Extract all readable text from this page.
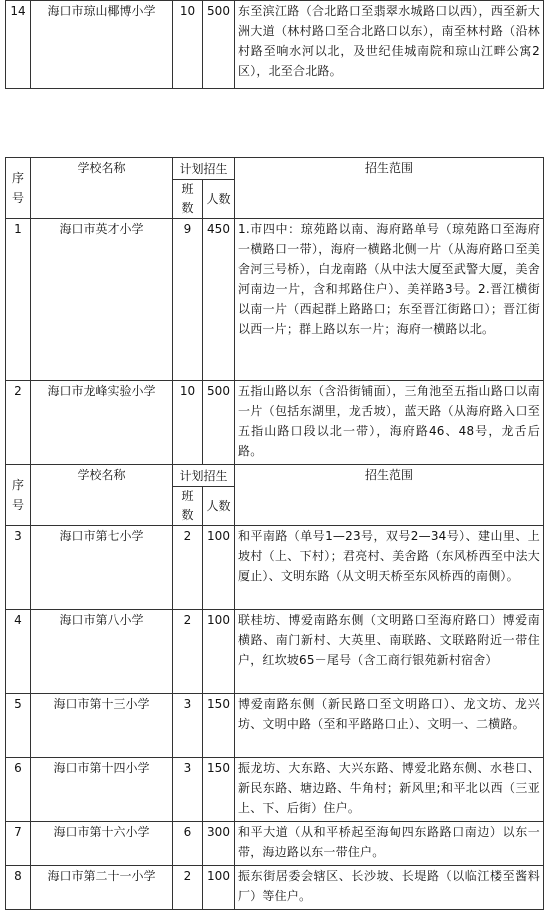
14	海口市琼山椰博小学	10	500	东至滨江路（合北路口至翡翠水城路口以西），西至新大洲大道（林村路口至合北路口以东），南至林村路（沿林村路至响水河以北，及世纪佳城南院和琼山江畔公寓2区），北至合北路。
序号	学校名称	计划招生		招生范围
		班数	人数	
1	海口市英才小学	9	450	1.市四中：琼苑路以南、海府路单号（琼苑路口至海府一横路口一带），海府一横路北侧一片（从海府路口至美舍河三号桥），白龙南路（从中法大厦至武警大厦，美舍河南边一片，含和邦路住户）、美祥路3号。2.晋江横街以南一片（西起群上路路口；东至晋江街路口）；晋江街以西一片；群上路以东一片；海府一横路以北。
2	海口市龙峰实验小学	10	500	五指山路以东（含沿街铺面），三角池至五指山路口以南一片（包括东湖里，龙舌坡），蓝天路（从海府路入口至五指山路口段以北一带），海府路46、48号，龙舌后路。
序号	学校名称	计划招生		招生范围
		班数	人数	
3	海口市第七小学	2	100	和平南路（单号1—23号，双号2—34号）、建山里、上坡村（上、下村）；君亮村、美舍路（东风桥西至中法大厦止）、文明东路（从文明天桥至东风桥西的南侧）。
4	海口市第八小学	2	100	联桂坊、博爱南路东侧（文明路口至海府路口）博爱南横路、南门新村、大英里、南联路、文联路附近一带住户，红坎坡65－尾号（含工商行银苑新村宿舍）
5	海口市第十三小学	3	150	博爱南路东侧（新民路口至文明路口）、龙文坊、龙兴坊、文明中路（至和平路路口止）、文明一、二横路。
6	海口市第十四小学	3	150	振龙坊、大东路、大兴东路、博爱北路东侧、水巷口、新民东路、塘边路、牛角村；新风里;和平北以西（三亚上、下、后街）住户。
7	海口市第十六小学	6	300	和平大道（从和平桥起至海甸四东路路口南边）以东一带，海边路以东一带住户。
8	海口市第二十一小学	2	100	振东街居委会辖区、长沙坡、长堤路（以临江楼至酱料厂）等住户。
